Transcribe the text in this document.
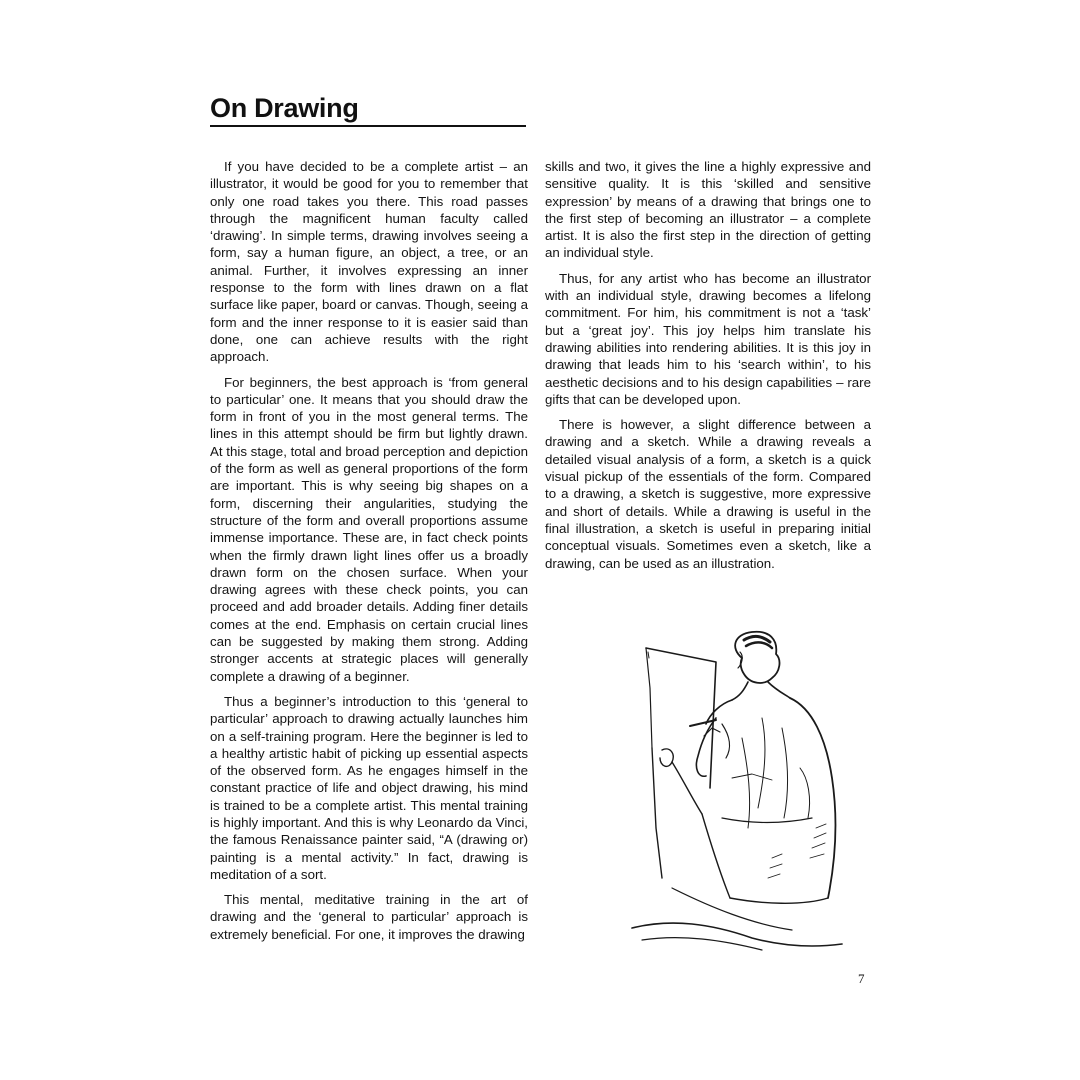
On Drawing

If you have decided to be a complete artist – an illustrator, it would be good for you to remember that only one road takes you there. This road passes through the magnificent human faculty called ‘drawing’. In simple terms, drawing involves seeing a form, say a human figure, an object, a tree, or an animal. Further, it involves expressing an inner response to the form with lines drawn on a flat surface like paper, board or canvas. Though, seeing a form and the inner response to it is easier said than done, one can achieve results with the right approach.

For beginners, the best approach is ‘from general to particular’ one. It means that you should draw the form in front of you in the most general terms. The lines in this attempt should be firm but lightly drawn. At this stage, total and broad perception and depiction of the form as well as general proportions of the form are important. This is why seeing big shapes on a form, discerning their angularities, studying the structure of the form and overall proportions assume immense importance. These are, in fact check points when the firmly drawn light lines offer us a broadly drawn form on the chosen surface. When your drawing agrees with these check points, you can proceed and add broader details. Adding finer details comes at the end. Emphasis on certain crucial lines can be suggested by making them strong. Adding stronger accents at strategic places will generally complete a drawing of a beginner.

Thus a beginner’s introduction to this ‘general to particular’ approach to drawing actually launches him on a self-training program. Here the beginner is led to a healthy artistic habit of picking up essential aspects of the observed form. As he engages himself in the constant practice of life and object drawing, his mind is trained to be a complete artist. This mental training is highly important. And this is why Leonardo da Vinci, the famous Renaissance painter said, “A (drawing or) painting is a mental activity.” In fact, drawing is meditation of a sort.

This mental, meditative training in the art of drawing and the ‘general to particular’ approach is extremely beneficial. For one, it improves the drawing

skills and two, it gives the line a highly expressive and sensitive quality. It is this ‘skilled and sensitive expression’ by means of a drawing that brings one to the first step of becoming an illustrator – a complete artist. It is also the first step in the direction of getting an individual style.

Thus, for any artist who has become an illustrator with an individual style, drawing becomes a lifelong commitment. For him, his commitment is not a ‘task’ but a ‘great joy’. This joy helps him translate his drawing abilities into rendering abilities. It is this joy in drawing that leads him to his ‘search within’, to his aesthetic decisions and to his design capabilities – rare gifts that can be developed upon.

There is however, a slight difference between a drawing and a sketch. While a drawing reveals a detailed visual analysis of a form, a sketch is a quick visual pickup of the essentials of the form. Compared to a drawing, a sketch is suggestive, more expressive and short of details. While a drawing is useful in the final illustration, a sketch is useful in preparing initial conceptual visuals. Sometimes even a sketch, like a drawing, can be used as an illustration.

7
